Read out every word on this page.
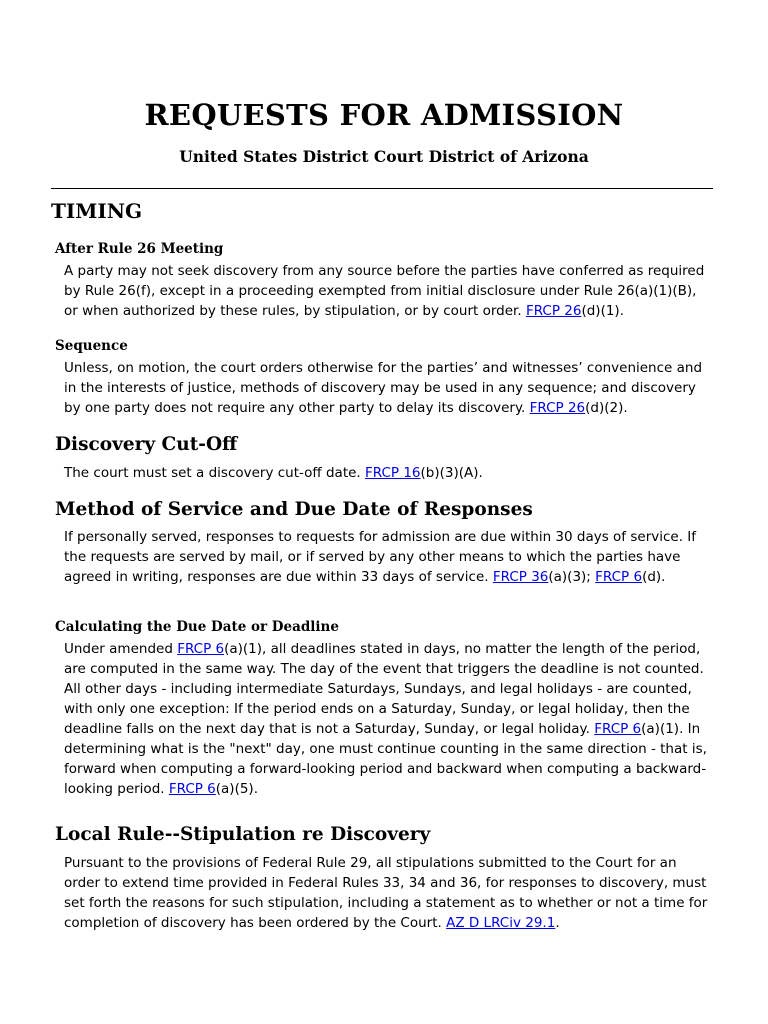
REQUESTS FOR ADMISSION
United States District Court District of Arizona
TIMING
After Rule 26 Meeting

A party may not seek discovery from any source before the parties have conferred as required by Rule 26(f), except in a proceeding exempted from initial disclosure under Rule 26(a)(1)(B), or when authorized by these rules, by stipulation, or by court order. FRCP 26(d)(1).

Sequence

Unless, on motion, the court orders otherwise for the parties’ and witnesses’ convenience and in the interests of justice, methods of discovery may be used in any sequence; and discovery by one party does not require any other party to delay its discovery. FRCP 26(d)(2).

Discovery Cut-Off

The court must set a discovery cut-off date. FRCP 16(b)(3)(A).

Method of Service and Due Date of Responses

If personally served, responses to requests for admission are due within 30 days of service. If the requests are served by mail, or if served by any other means to which the parties have agreed in writing, responses are due within 33 days of service. FRCP 36(a)(3); FRCP 6(d).

Calculating the Due Date or Deadline

Under amended FRCP 6(a)(1), all deadlines stated in days, no matter the length of the period, are computed in the same way. The day of the event that triggers the deadline is not counted. All other days - including intermediate Saturdays, Sundays, and legal holidays - are counted, with only one exception: If the period ends on a Saturday, Sunday, or legal holiday, then the deadline falls on the next day that is not a Saturday, Sunday, or legal holiday. FRCP 6(a)(1). In determining what is the "next" day, one must continue counting in the same direction - that is, forward when computing a forward-looking period and backward when computing a backward-looking period. FRCP 6(a)(5).

Local Rule--Stipulation re Discovery

Pursuant to the provisions of Federal Rule 29, all stipulations submitted to the Court for an order to extend time provided in Federal Rules 33, 34 and 36, for responses to discovery, must set forth the reasons for such stipulation, including a statement as to whether or not a time for completion of discovery has been ordered by the Court. AZ D LRCiv 29.1.
